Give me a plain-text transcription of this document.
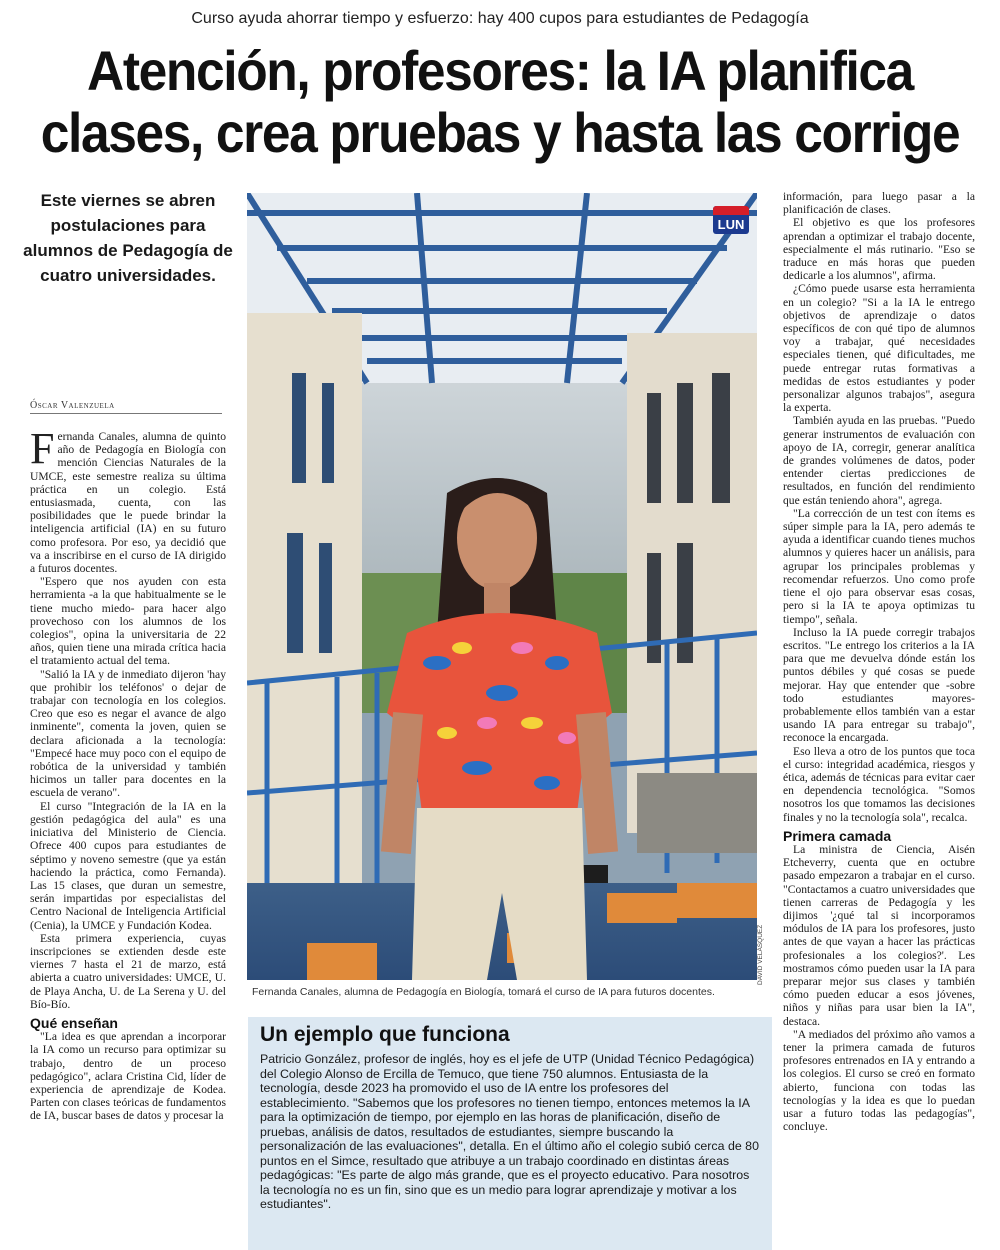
Curso ayuda ahorrar tiempo y esfuerzo: hay 400 cupos para estudiantes de Pedagogía
Atención, profesores: la IA planifica
clases, crea pruebas y hasta las corrige
Este viernes se abren postulaciones para alumnos de Pedagogía de cuatro universidades.
Óscar Valenzuela

Fernanda Canales, alumna de quinto año de Pedagogía en Biología con mención Ciencias Naturales de la UMCE, este semestre realiza su última práctica en un colegio. Está entusiasmada, cuenta, con las posibilidades que le puede brindar la inteligencia artificial (IA) en su futuro como profesora. Por eso, ya decidió que va a inscribirse en el curso de IA dirigido a futuros docentes.

"Espero que nos ayuden con esta herramienta -a la que habitualmente se le tiene mucho miedo- para hacer algo provechoso con los alumnos de los colegios", opina la universitaria de 22 años, quien tiene una mirada crítica hacia el tratamiento actual del tema.

"Salió la IA y de inmediato dijeron 'hay que prohibir los teléfonos' o dejar de trabajar con tecnología en los colegios. Creo que eso es negar el avance de algo inminente", comenta la joven, quien se declara aficionada a la tecnología: "Empecé hace muy poco con el equipo de robótica de la universidad y también hicimos un taller para docentes en la escuela de verano".

El curso "Integración de la IA en la gestión pedagógica del aula" es una iniciativa del Ministerio de Ciencia. Ofrece 400 cupos para estudiantes de séptimo y noveno semestre (que ya están haciendo la práctica, como Fernanda). Las 15 clases, que duran un semestre, serán impartidas por especialistas del Centro Nacional de Inteligencia Artificial (Cenia), la UMCE y Fundación Kodea.

Esta primera experiencia, cuyas inscripciones se extienden desde este viernes 7 hasta el 21 de marzo, está abierta a cuatro universidades: UMCE, U. de Playa Ancha, U. de La Serena y U. del Bío-Bío.

Qué enseñan

"La idea es que aprendan a incorporar la IA como un recurso para optimizar su trabajo, dentro de un proceso pedagógico", aclara Cristina Cid, líder de experiencia de aprendizaje de Kodea. Parten con clases teóricas de fundamentos de IA, buscar bases de datos y procesar la

LUN
DAVID VELÁSQUEZ
Fernanda Canales, alumna de Pedagogía en Biología, tomará el curso de IA para futuros docentes.
Un ejemplo que funciona
Patricio González, profesor de inglés, hoy es el jefe de UTP (Unidad Técnico Pedagógica) del Colegio Alonso de Ercilla de Temuco, que tiene 750 alumnos. Entusiasta de la tecnología, desde 2023 ha promovido el uso de IA entre los profesores del establecimiento. "Sabemos que los profesores no tienen tiempo, entonces metemos la IA para la optimización de tiempo, por ejemplo en las horas de planificación, diseño de pruebas, análisis de datos, resultados de estudiantes, siempre buscando la personalización de las evaluaciones", detalla. En el último año el colegio subió cerca de 80 puntos en el Simce, resultado que atribuye a un trabajo coordinado en distintas áreas pedagógicas: "Es parte de algo más grande, que es el proyecto educativo. Para nosotros la tecnología no es un fin, sino que es un medio para lograr aprendizaje y motivar a los estudiantes".

información, para luego pasar a la planificación de clases.

El objetivo es que los profesores aprendan a optimizar el trabajo docente, especialmente el más rutinario. "Eso se traduce en más horas que pueden dedicarle a los alumnos", afirma.

¿Cómo puede usarse esta herramienta en un colegio? "Si a la IA le entrego objetivos de aprendizaje o datos específicos de con qué tipo de alumnos voy a trabajar, qué necesidades especiales tienen, qué dificultades, me puede entregar rutas formativas a medidas de estos estudiantes y poder personalizar algunos trabajos", asegura la experta.

También ayuda en las pruebas. "Puedo generar instrumentos de evaluación con apoyo de IA, corregir, generar analítica de grandes volúmenes de datos, poder entender ciertas predicciones de resultados, en función del rendimiento que están teniendo ahora", agrega.

"La corrección de un test con ítems es súper simple para la IA, pero además te ayuda a identificar cuando tienes muchos alumnos y quieres hacer un análisis, para agrupar los principales problemas y recomendar refuerzos. Uno como profe tiene el ojo para observar esas cosas, pero si la IA te apoya optimizas tu tiempo", señala.

Incluso la IA puede corregir trabajos escritos. "Le entrego los criterios a la IA para que me devuelva dónde están los puntos débiles y qué cosas se puede mejorar. Hay que entender que -sobre todo estudiantes mayores- probablemente ellos también van a estar usando IA para entregar su trabajo", reconoce la encargada.

Eso lleva a otro de los puntos que toca el curso: integridad académica, riesgos y ética, además de técnicas para evitar caer en dependencia tecnológica. "Somos nosotros los que tomamos las decisiones finales y no la tecnología sola", recalca.

Primera camada

La ministra de Ciencia, Aisén Etcheverry, cuenta que en octubre pasado empezaron a trabajar en el curso. "Contactamos a cuatro universidades que tienen carreras de Pedagogía y les dijimos '¿qué tal si incorporamos módulos de IA para los profesores, justo antes de que vayan a hacer las prácticas profesionales a los colegios?'. Les mostramos cómo pueden usar la IA para preparar mejor sus clases y también cómo pueden educar a esos jóvenes, niños y niñas para usar bien la IA", destaca.

"A mediados del próximo año vamos a tener la primera camada de futuros profesores entrenados en IA y entrando a los colegios. El curso se creó en formato abierto, funciona con todas las tecnologías y la idea es que lo puedan usar a futuro todas las pedagogías", concluye.
